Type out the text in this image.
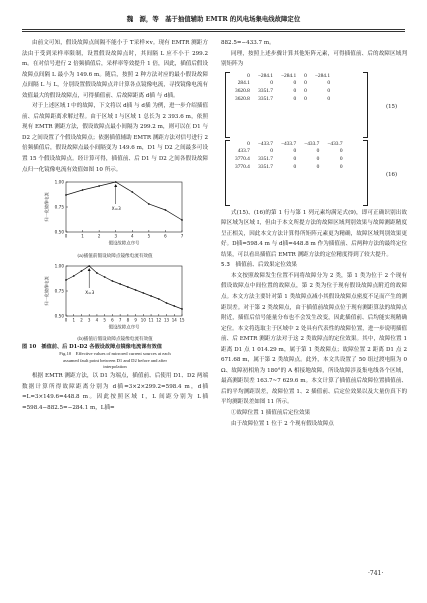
魏　源，等　基于抽值辅助 EMTR 的风电场集电线故障定位

由前文可知，假设故障点间隔不能小于 T采样×v。现有 EMTR 测距方法由于受到采样率限制，设置假设故障点时，其间隔 L 应不小于 299.2 m。在对信号进行 2 倍频插值后，采样率等效提升 1 倍，因此，插值后假设故障点间隔 L 最小为 149.6 m。随后，按照 2 种方法对应的最小假设故障点间隔 L 与 L，分别设置假设故障点并计算各点镜像电流，寻找镜像电流有效值最大的假设故障点，可得插值前、后故障距离 d插 与 d插。

对于上述区域 I 中的故障，下文将以 d插 与 d插 为例，进一步介绍插值前、后故障距离求解过程。由于区域 I 与区域 1 总长为 2 393.6 m，依照现有 EMTR 测距方法，假设故障点最小间隔为 299.2 m，则可以在 D1 与 D2 之间设置了个假设故障点；依据插值辅助 EMTR 测距方法对信号进行 2 倍频插值后，假设故障点最小间隔变为 149.6 m，D1 与 D2 之间最多可设置 15 个假设故障点。经计算可得，插值前、后 D1 与 D2 之间各假设故障点归一化镜像电流有效值如图 10 所示。

1.00
0.75
0.50
0	1	2	3	4	5	6	7
X=3
归一化镜像电流
假设故障点序号
(a)插值前假设故障点镜像电流有效值
1.00
0.75
0.50
0 1 2 3 4 5 6 7 8 9 10 11 12 13 14 15
X=3
归一化镜像电流
假设故障点序号
(b)插值后假设故障点镜像电流有效值
图 10　插值前、后 D1-D2 各假设故障点镜像电流课有效值
Fig.10　Effective values of mirrored current sources at each
assumed fault point between D1 and D2 before and after
interpolation

根据 EMTR 测距方法，以 D1 为端点，插值前、后使用 D1、D2 两端数据计算所得故障距离分别为 d插=3×2×299.2=598.4 m，d插=L=3×149.6=448.8 m。因此按照区域 I，L 间距分别为 L插=598.4−882.5=−284.1 m，L插=

882.5=−433.7 m。

同理，按照上述步骤计算其他矩阵元素，可得插值前、后的故障区域判别矩阵为

0	−284.1	−284.1	0	−284.1
284.1	0	0	0	0
3620.8	3351.7	0	0	0
3620.8	3351.7	0	0	0
(15)
0	−433.7	−433.7	−433.7	−433.7
433.7	0	0	0	0
3770.4	3351.7	0	0	0
3770.4	3351.7	0	0	0
(16)

式(15)、(16)的第 1 行与第 1 列元素均满足式(9)，即可正确识别出故障区域为区域 I，但由于本文所提方法的故障区域判别效果与故障测距精度呈正相关，因此本文方法计算得所矩阵元素更为精确，故障区域判别效果更好。D插=598.4 m 与 d插=448.8 m 作为插值前、后两种方法的最终定位结果，可以看出插值后 EMTR 测距方法的定位精度得到了较大提升。

5.3　插值前、后效果定位效果

本文按照故障发生位置不同将故障分为 2 类，第 1 类为位于 2 个现有假设故障点中间位置的故障点，第 2 类为位于现有假设故障点附近的故障点。本文方法主要针对第 1 类故障点减小其假设故障点密度不足而产生的测距误差。对于第 2 类故障点，由于插值前故障点位于现有测距算法的故障点附近，插值后信号能量分布也不会发生改变，因此插值前、后均能实现精确定位。本文将选取主于区域中 2 处具有代表性的故障位置，进一步说明插值前、后 EMTR 测距方法对于这 2 类故障点的定位效果。其中，故障位置 1 距离 D1 点 1 014.29 m，属于第 1 类故障点；故障位置 2 距离 D1 点 2 671.68 m，属于第 2 类故障点。此外，本文共设置了 50 组过渡电阻为 0 Ω、故障初相角为 180°的 A 相接地故障，所设故障涉及集电线各个区域，最高测距误差 163.7~7 629.6 m。本文计算了插值前后故障位置插值前、后的平均测距误差，故障位置 1、2 插值前、后定位效果以及大量仿真下的平均测距误差如图 11 所示。

①故障位置 1 插值前后定位效果

由于故障位置 1 位于 2 个现有假设故障点

·741·
